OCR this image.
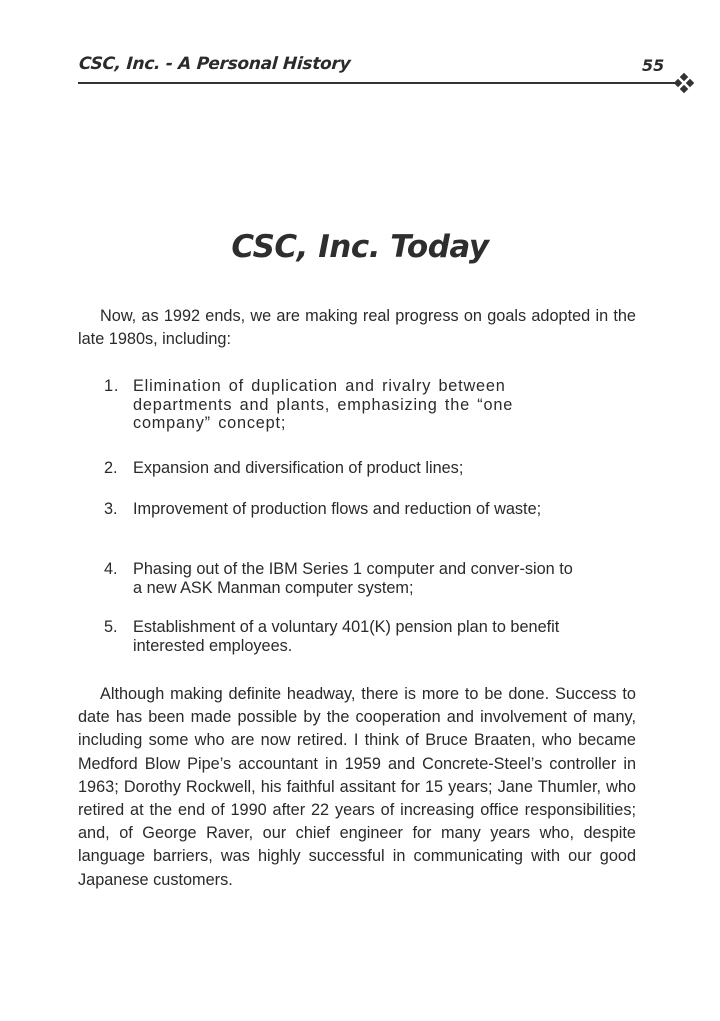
CSC, Inc. - A Personal History	55
CSC, Inc. Today

Now, as 1992 ends, we are making real progress on goals adopted in the late 1980s, including:

1. Elimination of duplication and rivalry between departments and plants, emphasizing the “one company” concept;
2. Expansion and diversification of product lines;
3. Improvement of production flows and reduction of waste;
4. Phasing out of the IBM Series 1 computer and conver-sion to a new ASK Manman computer system;
5. Establishment of a voluntary 401(K) pension plan to benefit interested employees.

Although making definite headway, there is more to be done. Success to date has been made possible by the cooperation and involvement of many, including some who are now retired. I think of Bruce Braaten, who became Medford Blow Pipe’s accountant in 1959 and Concrete-Steel’s controller in 1963; Dorothy Rockwell, his faithful assitant for 15 years; Jane Thumler, who retired at the end of 1990 after 22 years of increasing office responsibilities; and, of George Raver, our chief engineer for many years who, despite language barriers, was highly successful in communicating with our good Japanese customers.
